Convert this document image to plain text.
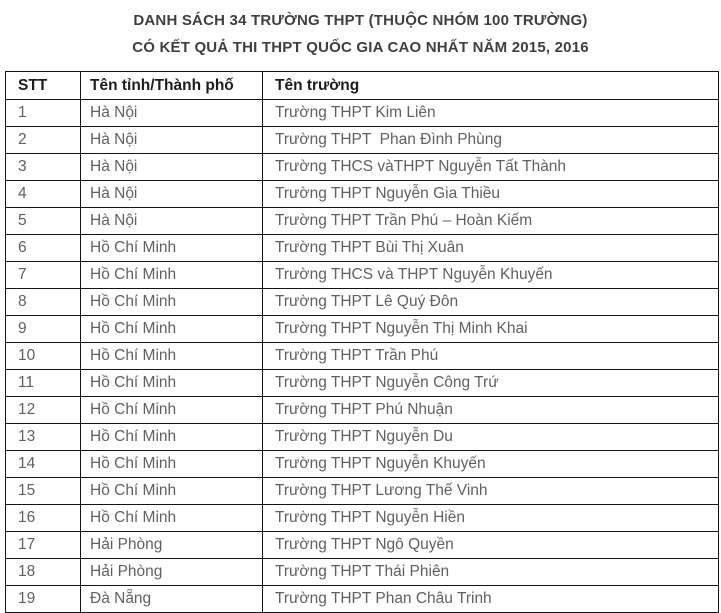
DANH SÁCH 34 TRƯỜNG THPT (THUỘC NHÓM 100 TRƯỜNG)
CÓ KẾT QUẢ THI THPT QUỐC GIA CAO NHẤT NĂM 2015, 2016
STT	Tên tỉnh/Thành phố	Tên trường
1	Hà Nội	Trường THPT Kim Liên
2	Hà Nội	Trường THPT  Phan Đình Phùng
3	Hà Nội	Trường THCS vàTHPT Nguyễn Tất Thành
4	Hà Nội	Trường THPT Nguyễn Gia Thiều
5	Hà Nội	Trường THPT Trần Phú – Hoàn Kiếm
6	Hồ Chí Minh	Trường THPT Bùi Thị Xuân
7	Hồ Chí Minh	Trường THCS và THPT Nguyễn Khuyến
8	Hồ Chí Minh	Trường THPT Lê Quý Đôn
9	Hồ Chí Minh	Trường THPT Nguyễn Thị Minh Khai
10	Hồ Chí Minh	Trường THPT Trần Phú
11	Hồ Chí Minh	Trường THPT Nguyễn Công Trứ
12	Hồ Chí Minh	Trường THPT Phú Nhuận
13	Hồ Chí Minh	Trường THPT Nguyễn Du
14	Hồ Chí Minh	Trường THPT Nguyễn Khuyến
15	Hồ Chí Minh	Trường THPT Lương Thế Vinh
16	Hồ Chí Minh	Trường THPT Nguyễn Hiền
17	Hải Phòng	Trường THPT Ngô Quyền
18	Hải Phòng	Trường THPT Thái Phiên
19	Đà Nẵng	Trường THPT Phan Châu Trinh
